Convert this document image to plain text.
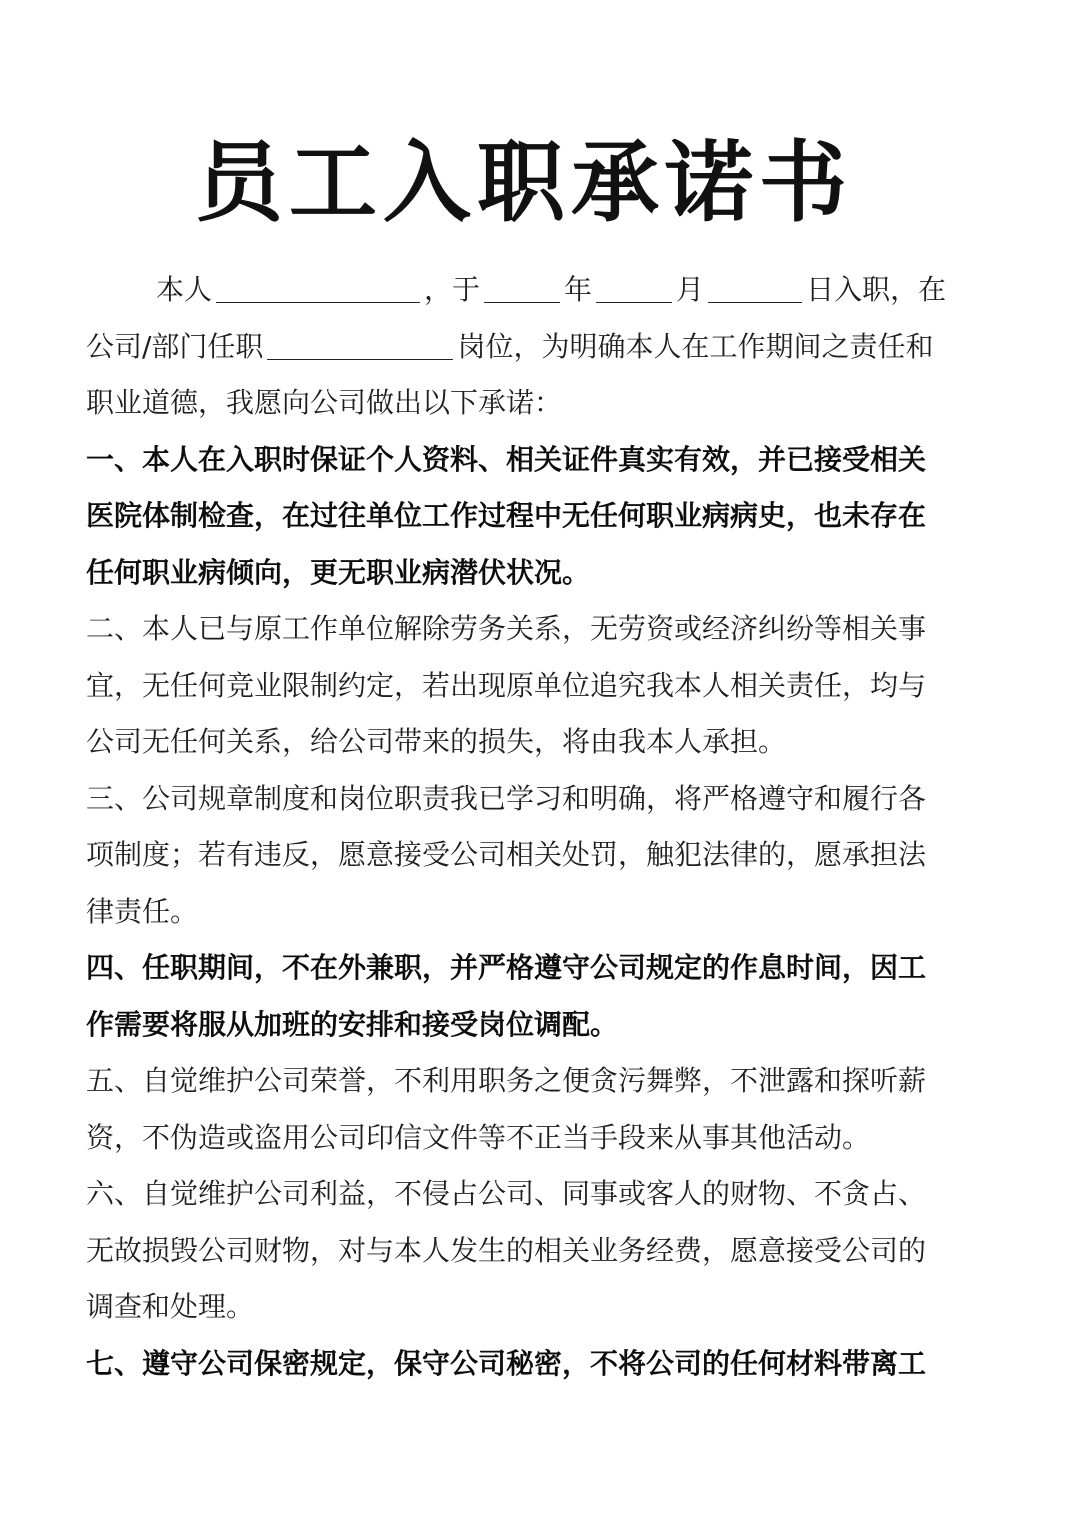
员工入职承诺书
本人	，于	年	月	日入职，在
公司/部门任职	岗位，为明确本人在工作期间之责任和
职业道德，我愿向公司做出以下承诺：
一、本人在入职时保证个人资料、相关证件真实有效，并已接受相关
医院体制检查，在过往单位工作过程中无任何职业病病史，也未存在
任何职业病倾向，更无职业病潜伏状况。
二、本人已与原工作单位解除劳务关系，无劳资或经济纠纷等相关事
宜，无任何竞业限制约定，若出现原单位追究我本人相关责任，均与
公司无任何关系，给公司带来的损失，将由我本人承担。
三、公司规章制度和岗位职责我已学习和明确，将严格遵守和履行各
项制度；若有违反，愿意接受公司相关处罚，触犯法律的，愿承担法
律责任。
四、任职期间，不在外兼职，并严格遵守公司规定的作息时间，因工
作需要将服从加班的安排和接受岗位调配。
五、自觉维护公司荣誉，不利用职务之便贪污舞弊，不泄露和探听薪
资，不伪造或盗用公司印信文件等不正当手段来从事其他活动。
六、自觉维护公司利益，不侵占公司、同事或客人的财物、不贪占、
无故损毁公司财物，对与本人发生的相关业务经费，愿意接受公司的
调查和处理。
七、遵守公司保密规定，保守公司秘密，不将公司的任何材料带离工
